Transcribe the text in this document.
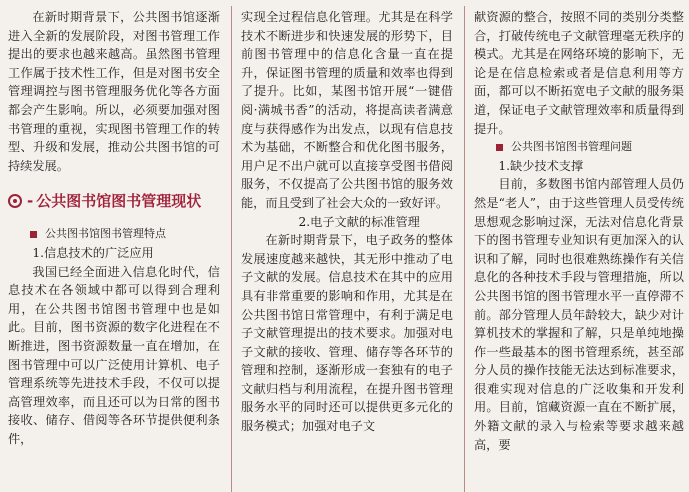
在新时期背景下，公共图书馆逐渐进入全新的发展阶段，对图书管理工作提出的要求也越来越高。虽然图书管理工作属于技术性工作，但是对图书安全管理调控与图书管理服务优化等各方面都会产生影响。所以，必须要加强对图书管理的重视，实现图书管理工作的转型、升级和发展，推动公共图书馆的可持续发展。

- 公共图书馆图书管理现状
公共图书馆图书管理特点
1.信息技术的广泛应用

我国已经全面进入信息化时代，信息技术在各领域中都可以得到合理利用，在公共图书馆图书管理中也是如此。目前，图书资源的数字化进程在不断推进，图书资源数量一直在增加，在图书管理中可以广泛使用计算机、电子管理系统等先进技术手段，不仅可以提高管理效率，而且还可以为日常的图书接收、储存、借阅等各环节提供便利条件，

实现全过程信息化管理。尤其是在科学技术不断进步和快速发展的形势下，目前图书管理中的信息化含量一直在提升，保证图书管理的质量和效率也得到了提升。比如，某图书馆开展“一键借阅·满城书香”的活动，将提高读者满意度与获得感作为出发点，以现有信息技术为基础，不断整合和优化图书服务，用户足不出户就可以直接享受图书借阅服务，不仅提高了公共图书馆的服务效能，而且受到了社会大众的一致好评。

2.电子文献的标准管理

在新时期背景下，电子政务的整体发展速度越来越快，其无形中推动了电子文献的发展。信息技术在其中的应用具有非常重要的影响和作用，尤其是在公共图书馆日常管理中，有利于满足电子文献管理提出的技术要求。加强对电子文献的接收、管理、储存等各环节的管理和控制，逐渐形成一套独有的电子文献归档与利用流程，在提升图书管理服务水平的同时还可以提供更多元化的服务模式；加强对电子文

献资源的整合，按照不同的类别分类整合，打破传统电子文献管理毫无秩序的模式。尤其是在网络环境的影响下，无论是在信息检索或者是信息利用等方面，都可以不断拓宽电子文献的服务渠道，保证电子文献管理效率和质量得到提升。

公共图书馆图书管理问题
1.缺少技术支撑

目前，多数图书馆内部管理人员仍然是“老人”，由于这些管理人员受传统思想观念影响过深，无法对信息化背景下的图书管理专业知识有更加深入的认识和了解，同时也很难熟练操作有关信息化的各种技术手段与管理措施，所以公共图书馆的图书管理水平一直停滞不前。部分管理人员年龄较大，缺少对计算机技术的掌握和了解，只是单纯地操作一些最基本的图书管理系统，甚至部分人员的操作技能无法达到标准要求，很难实现对信息的广泛收集和开发利用。目前，馆藏资源一直在不断扩展，外籍文献的录入与检索等要求越来越高，要
